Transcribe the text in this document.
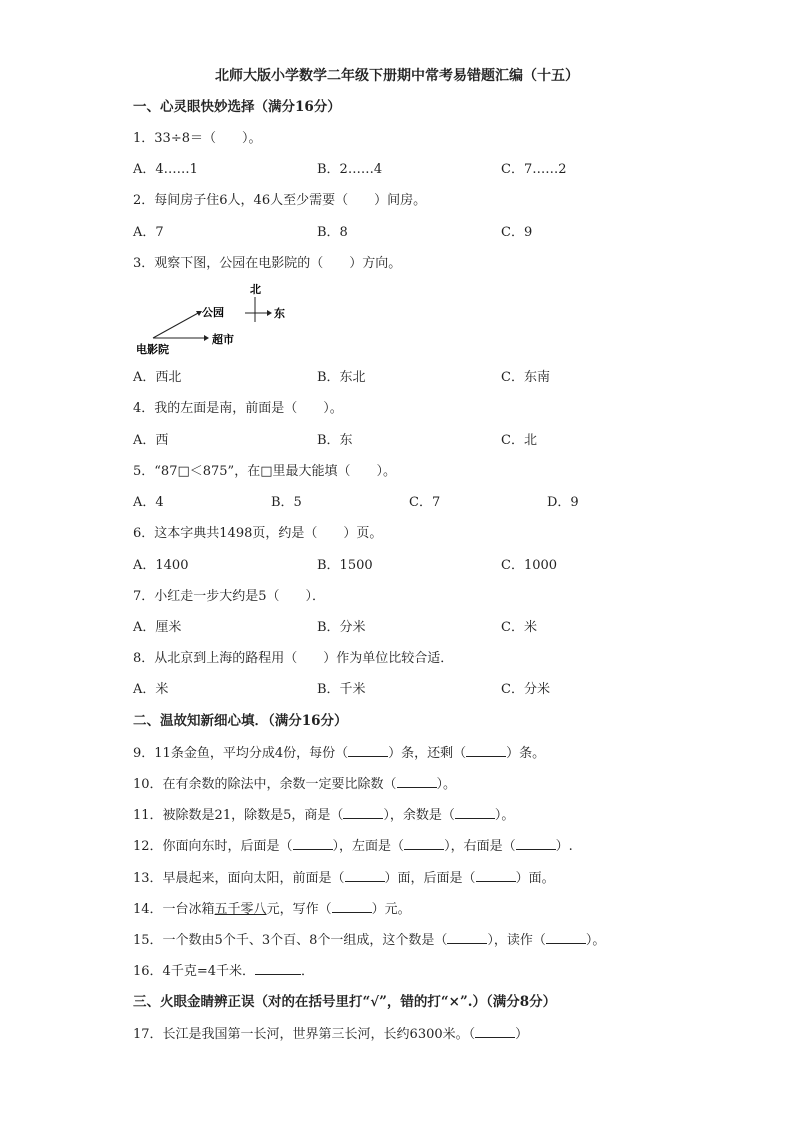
北师大版小学数学二年级下册期中常考易错题汇编（十五）
一、心灵眼快妙选择（满分16分）
1．33÷8＝（　　）。
A．4……1	B．2……4	C．7……2
2．每间房子住6人，46人至少需要（　　）间房。
A．7	B．8	C．9
3．观察下图，公园在电影院的（　　）方向。
北
东
公园
超市
电影院
A．西北	B．东北	C．东南
4．我的左面是南，前面是（　　）。
A．西	B．东	C．北
5．“87□＜875”，在□里最大能填（　　）。
A．4	B．5	C．7	D．9
6．这本字典共1498页，约是（　　）页。
A．1400	B．1500	C．1000
7．小红走一步大约是5（　　）．
A．厘米	B．分米	C．米
8．从北京到上海的路程用（　　）作为单位比较合适．
A．米	B．千米	C．分米
二、温故知新细心填．（满分16分）
9．11条金鱼，平均分成4份，每份（	）条，还剩（	）条。
10．在有余数的除法中，余数一定要比除数（	）。
11．被除数是21，除数是5，商是（	），余数是（	）。
12．你面向东时，后面是（	），左面是（	），右面是（	）.
13．早晨起来，面向太阳，前面是（	）面，后面是（	）面。
14．一台冰箱五千零八元，写作（	）元。
15．一个数由5个千、3个百、8个一组成，这个数是（	），读作（	）。
16．4千克=4千米．	．
三、火眼金睛辨正误（对的在括号里打“√”，错的打“×”.）（满分8分）
17．长江是我国第一长河，世界第三长河，长约6300米。（	）
